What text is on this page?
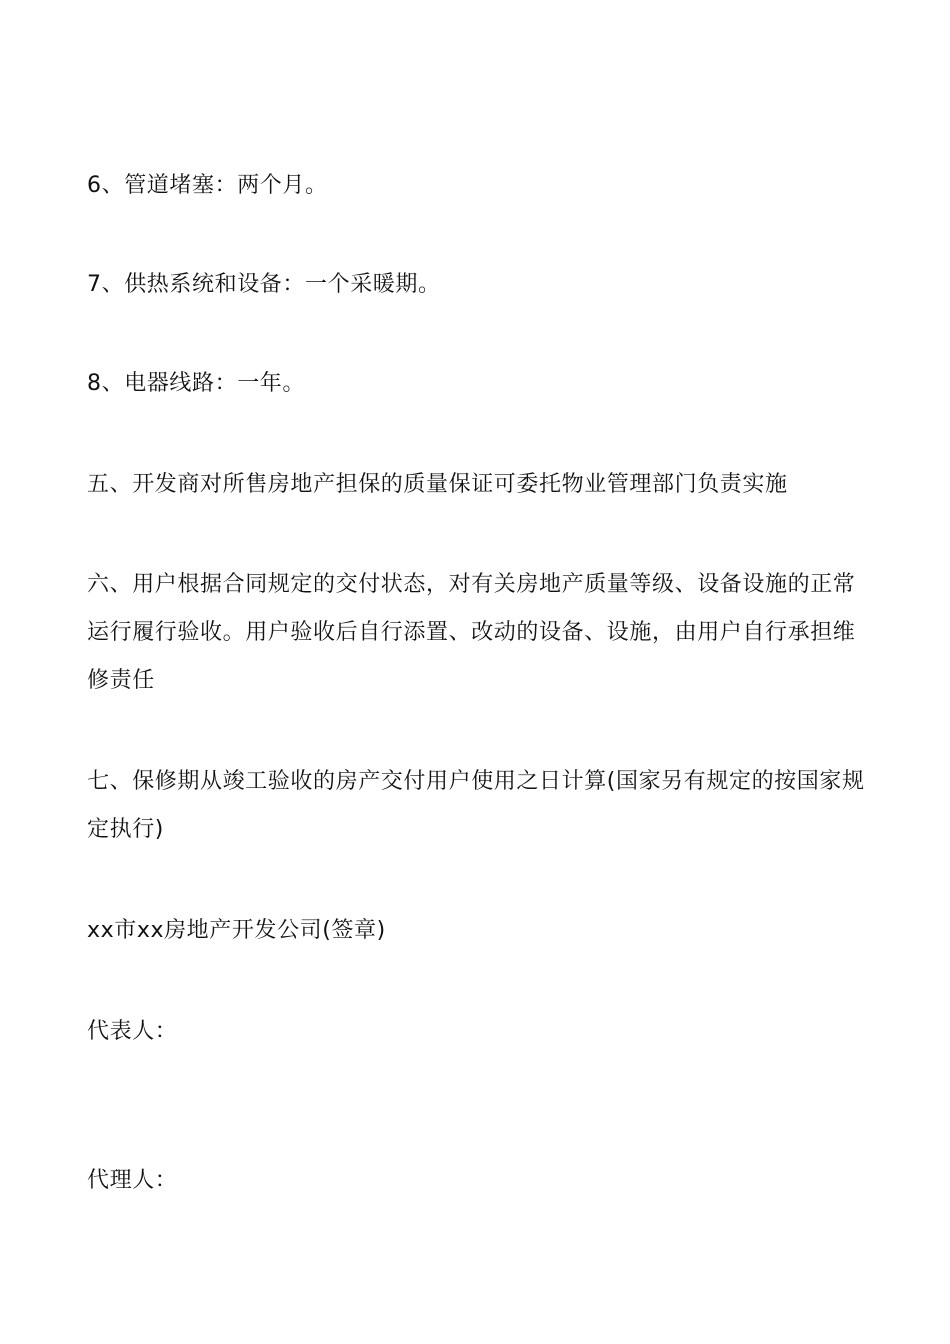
6、管道堵塞：两个月。
7、供热系统和设备：一个采暖期。
8、电器线路：一年。
五、开发商对所售房地产担保的质量保证可委托物业管理部门负责实施
六、用户根据合同规定的交付状态，对有关房地产质量等级、设备设施的正常运行履行验收。用户验收后自行添置、改动的设备、设施，由用户自行承担维修责任
七、保修期从竣工验收的房产交付用户使用之日计算(国家另有规定的按国家规定执行)
xx市xx房地产开发公司(签章)
代表人：
代理人：
